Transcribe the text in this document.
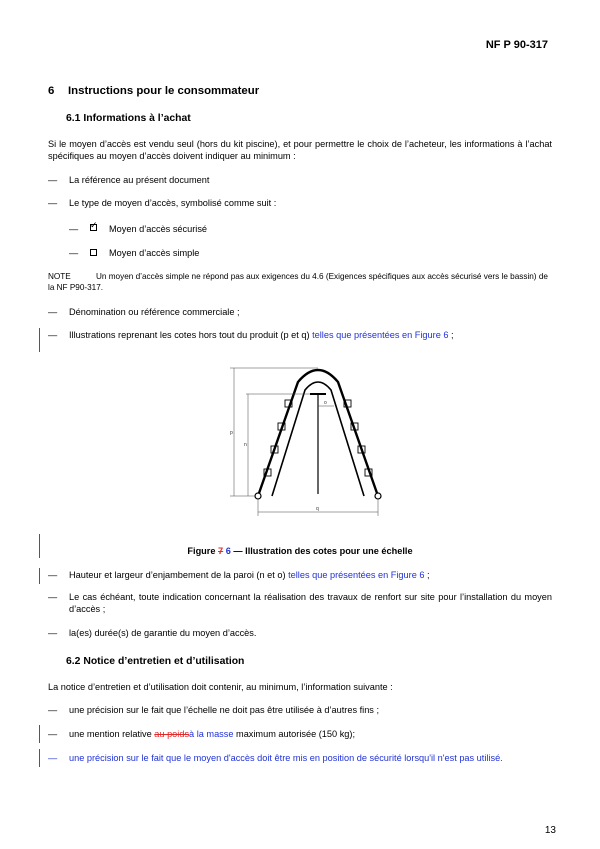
NF P 90-317
6 Instructions pour le consommateur
6.1 Informations à l’achat
Si le moyen d’accès est vendu seul (hors du kit piscine), et pour permettre le choix de l’acheteur, les informations à l’achat spécifiques au moyen d’accès doivent indiquer au minimum :
— La référence au présent document
— Le type de moyen d’accès, symbolisé comme suit :
— ✓ Moyen d’accès sécurisé
—	Moyen d’accès simple
NOTE	Un moyen d’accès simple ne répond pas aux exigences du 4.6 (Exigences spécifiques aux accès sécurisé vers le bassin) de la NF P90-317.
— Dénomination ou référence commerciale ;
— Illustrations reprenant les cotes hors tout du produit (p et q) telles que présentées en Figure 6 ;
p
n
o
q
Figure 7 6 — Illustration des cotes pour une échelle
— Hauteur et largeur d’enjambement de la paroi (n et o) telles que présentées en Figure 6 ;
— Le cas échéant, toute indication concernant la réalisation des travaux de renfort sur site pour l’installation du moyen d’accès ;
— la(es) durée(s) de garantie du moyen d’accès.
6.2 Notice d’entretien et d’utilisation
La notice d’entretien et d’utilisation doit contenir, au minimum, l’information suivante :
— une précision sur le fait que l’échelle ne doit pas être utilisée à d’autres fins ;
— une mention relative au poidsà la masse maximum autorisée (150 kg);
— une précision sur le fait que le moyen d'accès doit être mis en position de sécurité lorsqu'il n'est pas utilisé.
13
